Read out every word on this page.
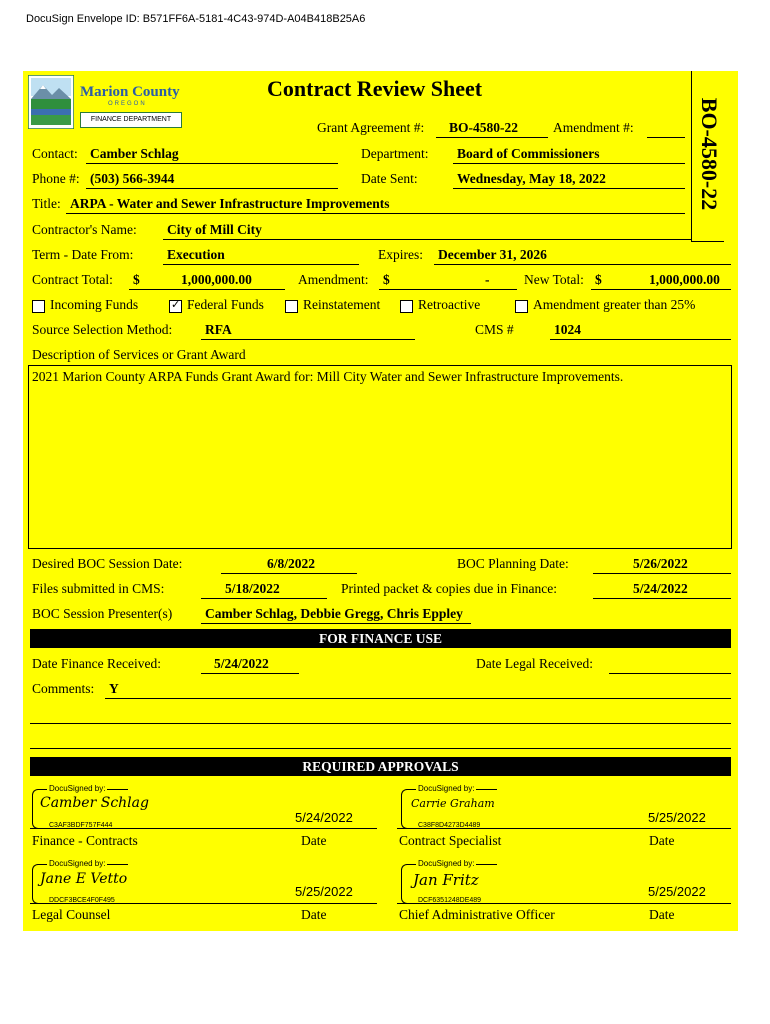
DocuSign Envelope ID: B571FF6A-5181-4C43-974D-A04B418B25A6
Marion County
OREGON
FINANCE DEPARTMENT
Contract Review Sheet
BO-4580-22
Grant Agreement #: BO-4580-22	Amendment #:
Contact: Camber Schlag	Department: Board of Commissioners
Phone #: (503) 566-3944	Date Sent:	Wednesday, May 18, 2022
Title: ARPA - Water and Sewer Infrastructure Improvements
Contractor's Name: City of Mill City
Term - Date From: Execution	Expires: December 31, 2026
Contract Total: $	1,000,000.00	Amendment: $	-	New Total: $	1,000,000.00
Incoming Funds
✓	Federal Funds	Reinstatement	Retroactive	Amendment greater than 25%
Source Selection Method: RFA	CMS #	1024
Description of Services or Grant Award
2021 Marion County ARPA Funds Grant Award for: Mill City Water and Sewer Infrastructure Improvements.
Desired BOC Session Date:	6/8/2022	BOC Planning Date:	5/26/2022
Files submitted in CMS:	5/18/2022	Printed packet & copies due in Finance:	5/24/2022
BOC Session Presenter(s) Camber Schlag, Debbie Gregg, Chris Eppley
FOR FINANCE USE
Date Finance Received:	5/24/2022	Date Legal Received:
Comments: Y
REQUIRED APPROVALS
DocuSigned by:
Camber Schlag
C3AF3BDF757F444
5/24/2022
Finance - Contracts	Date
DocuSigned by:
Carrie Graham
C38F8D4273D4489
5/25/2022
Contract Specialist	Date
DocuSigned by:
Jane E Vetto
DDCF3BCE4F0F495
5/25/2022
Legal Counsel	Date
DocuSigned by:
Jan Fritz
DCF6351248DE489
5/25/2022
Chief Administrative Officer	Date
